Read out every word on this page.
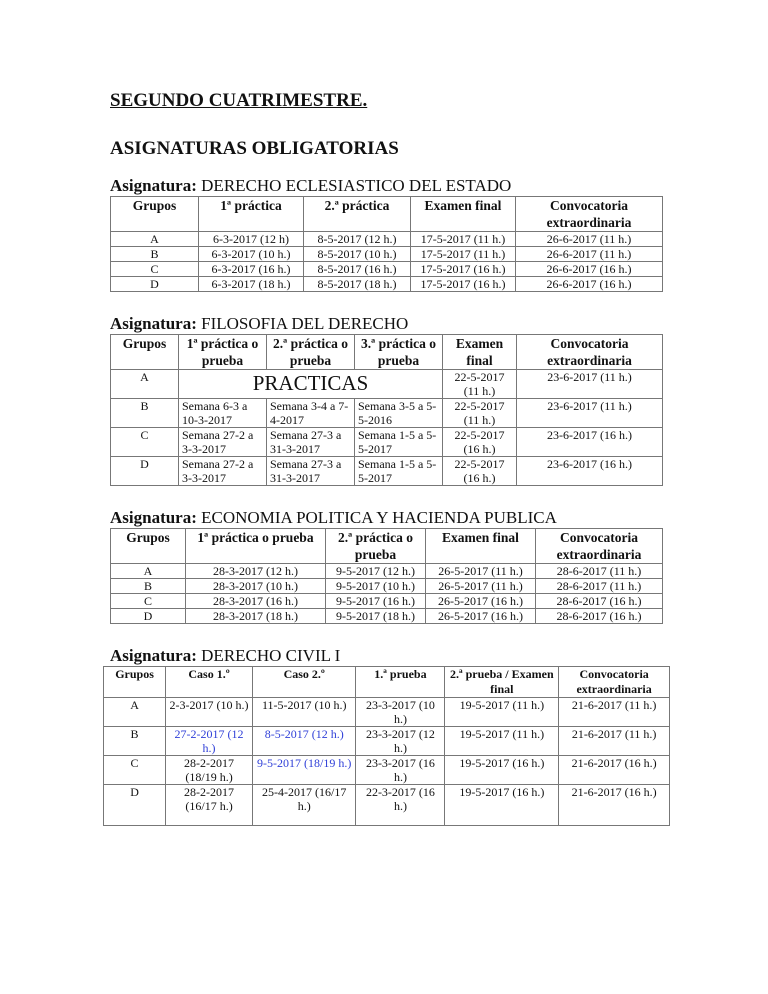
SEGUNDO CUATRIMESTRE.
ASIGNATURAS OBLIGATORIAS
Asignatura: DERECHO ECLESIASTICO DEL ESTADO
Grupos	1ª práctica	2.ª práctica	Examen final	Convocatoria extraordinaria
A	6-3-2017 (12 h)	8-5-2017 (12 h.)	17-5-2017 (11 h.)	26-6-2017 (11 h.)
B	6-3-2017 (10 h.)	8-5-2017 (10 h.)	17-5-2017 (11 h.)	26-6-2017 (11 h.)
C	6-3-2017 (16 h.)	8-5-2017 (16 h.)	17-5-2017 (16 h.)	26-6-2017 (16 h.)
D	6-3-2017 (18 h.)	8-5-2017 (18 h.)	17-5-2017 (16 h.)	26-6-2017 (16 h.)
Asignatura: FILOSOFIA DEL DERECHO
Grupos	1ª práctica o prueba	2.ª práctica o prueba	3.ª práctica o prueba	Examen final	Convocatoria extraordinaria
A	PRACTICAS			22-5-2017 (11 h.)	23-6-2017 (11 h.)
B	Semana 6-3 a 10-3-2017	Semana 3-4 a 7-4-2017	Semana 3-5 a 5-5-2016	22-5-2017 (11 h.)	23-6-2017 (11 h.)
C	Semana 27-2 a 3-3-2017	Semana 27-3 a 31-3-2017	Semana 1-5 a 5-5-2017	22-5-2017 (16 h.)	23-6-2017 (16 h.)
D	Semana 27-2 a 3-3-2017	Semana 27-3 a 31-3-2017	Semana 1-5 a 5-5-2017	22-5-2017 (16 h.)	23-6-2017 (16 h.)
Asignatura: ECONOMIA POLITICA Y HACIENDA PUBLICA
Grupos	1ª práctica o prueba	2.ª práctica o prueba	Examen final	Convocatoria extraordinaria
A	28-3-2017 (12 h.)	9-5-2017 (12 h.)	26-5-2017 (11 h.)	28-6-2017 (11 h.)
B	28-3-2017 (10 h.)	9-5-2017 (10 h.)	26-5-2017 (11 h.)	28-6-2017 (11 h.)
C	28-3-2017 (16 h.)	9-5-2017 (16 h.)	26-5-2017 (16 h.)	28-6-2017 (16 h.)
D	28-3-2017 (18 h.)	9-5-2017 (18 h.)	26-5-2017 (16 h.)	28-6-2017 (16 h.)
Asignatura: DERECHO CIVIL I
Grupos	Caso 1.º	Caso 2.º	1.ª prueba	2.ª prueba / Examen final	Convocatoria extraordinaria
A	2-3-2017 (10 h.)	11-5-2017 (10 h.)	23-3-2017 (10 h.)	19-5-2017 (11 h.)	21-6-2017 (11 h.)
B	27-2-2017 (12 h.)	8-5-2017 (12 h.)	23-3-2017 (12 h.)	19-5-2017 (11 h.)	21-6-2017 (11 h.)
C	28-2-2017 (18/19 h.)	9-5-2017 (18/19 h.)	23-3-2017 (16 h.)	19-5-2017 (16 h.)	21-6-2017 (16 h.)
D	28-2-2017 (16/17 h.)	25-4-2017 (16/17 h.)	22-3-2017 (16 h.)	19-5-2017 (16 h.)	21-6-2017 (16 h.)
